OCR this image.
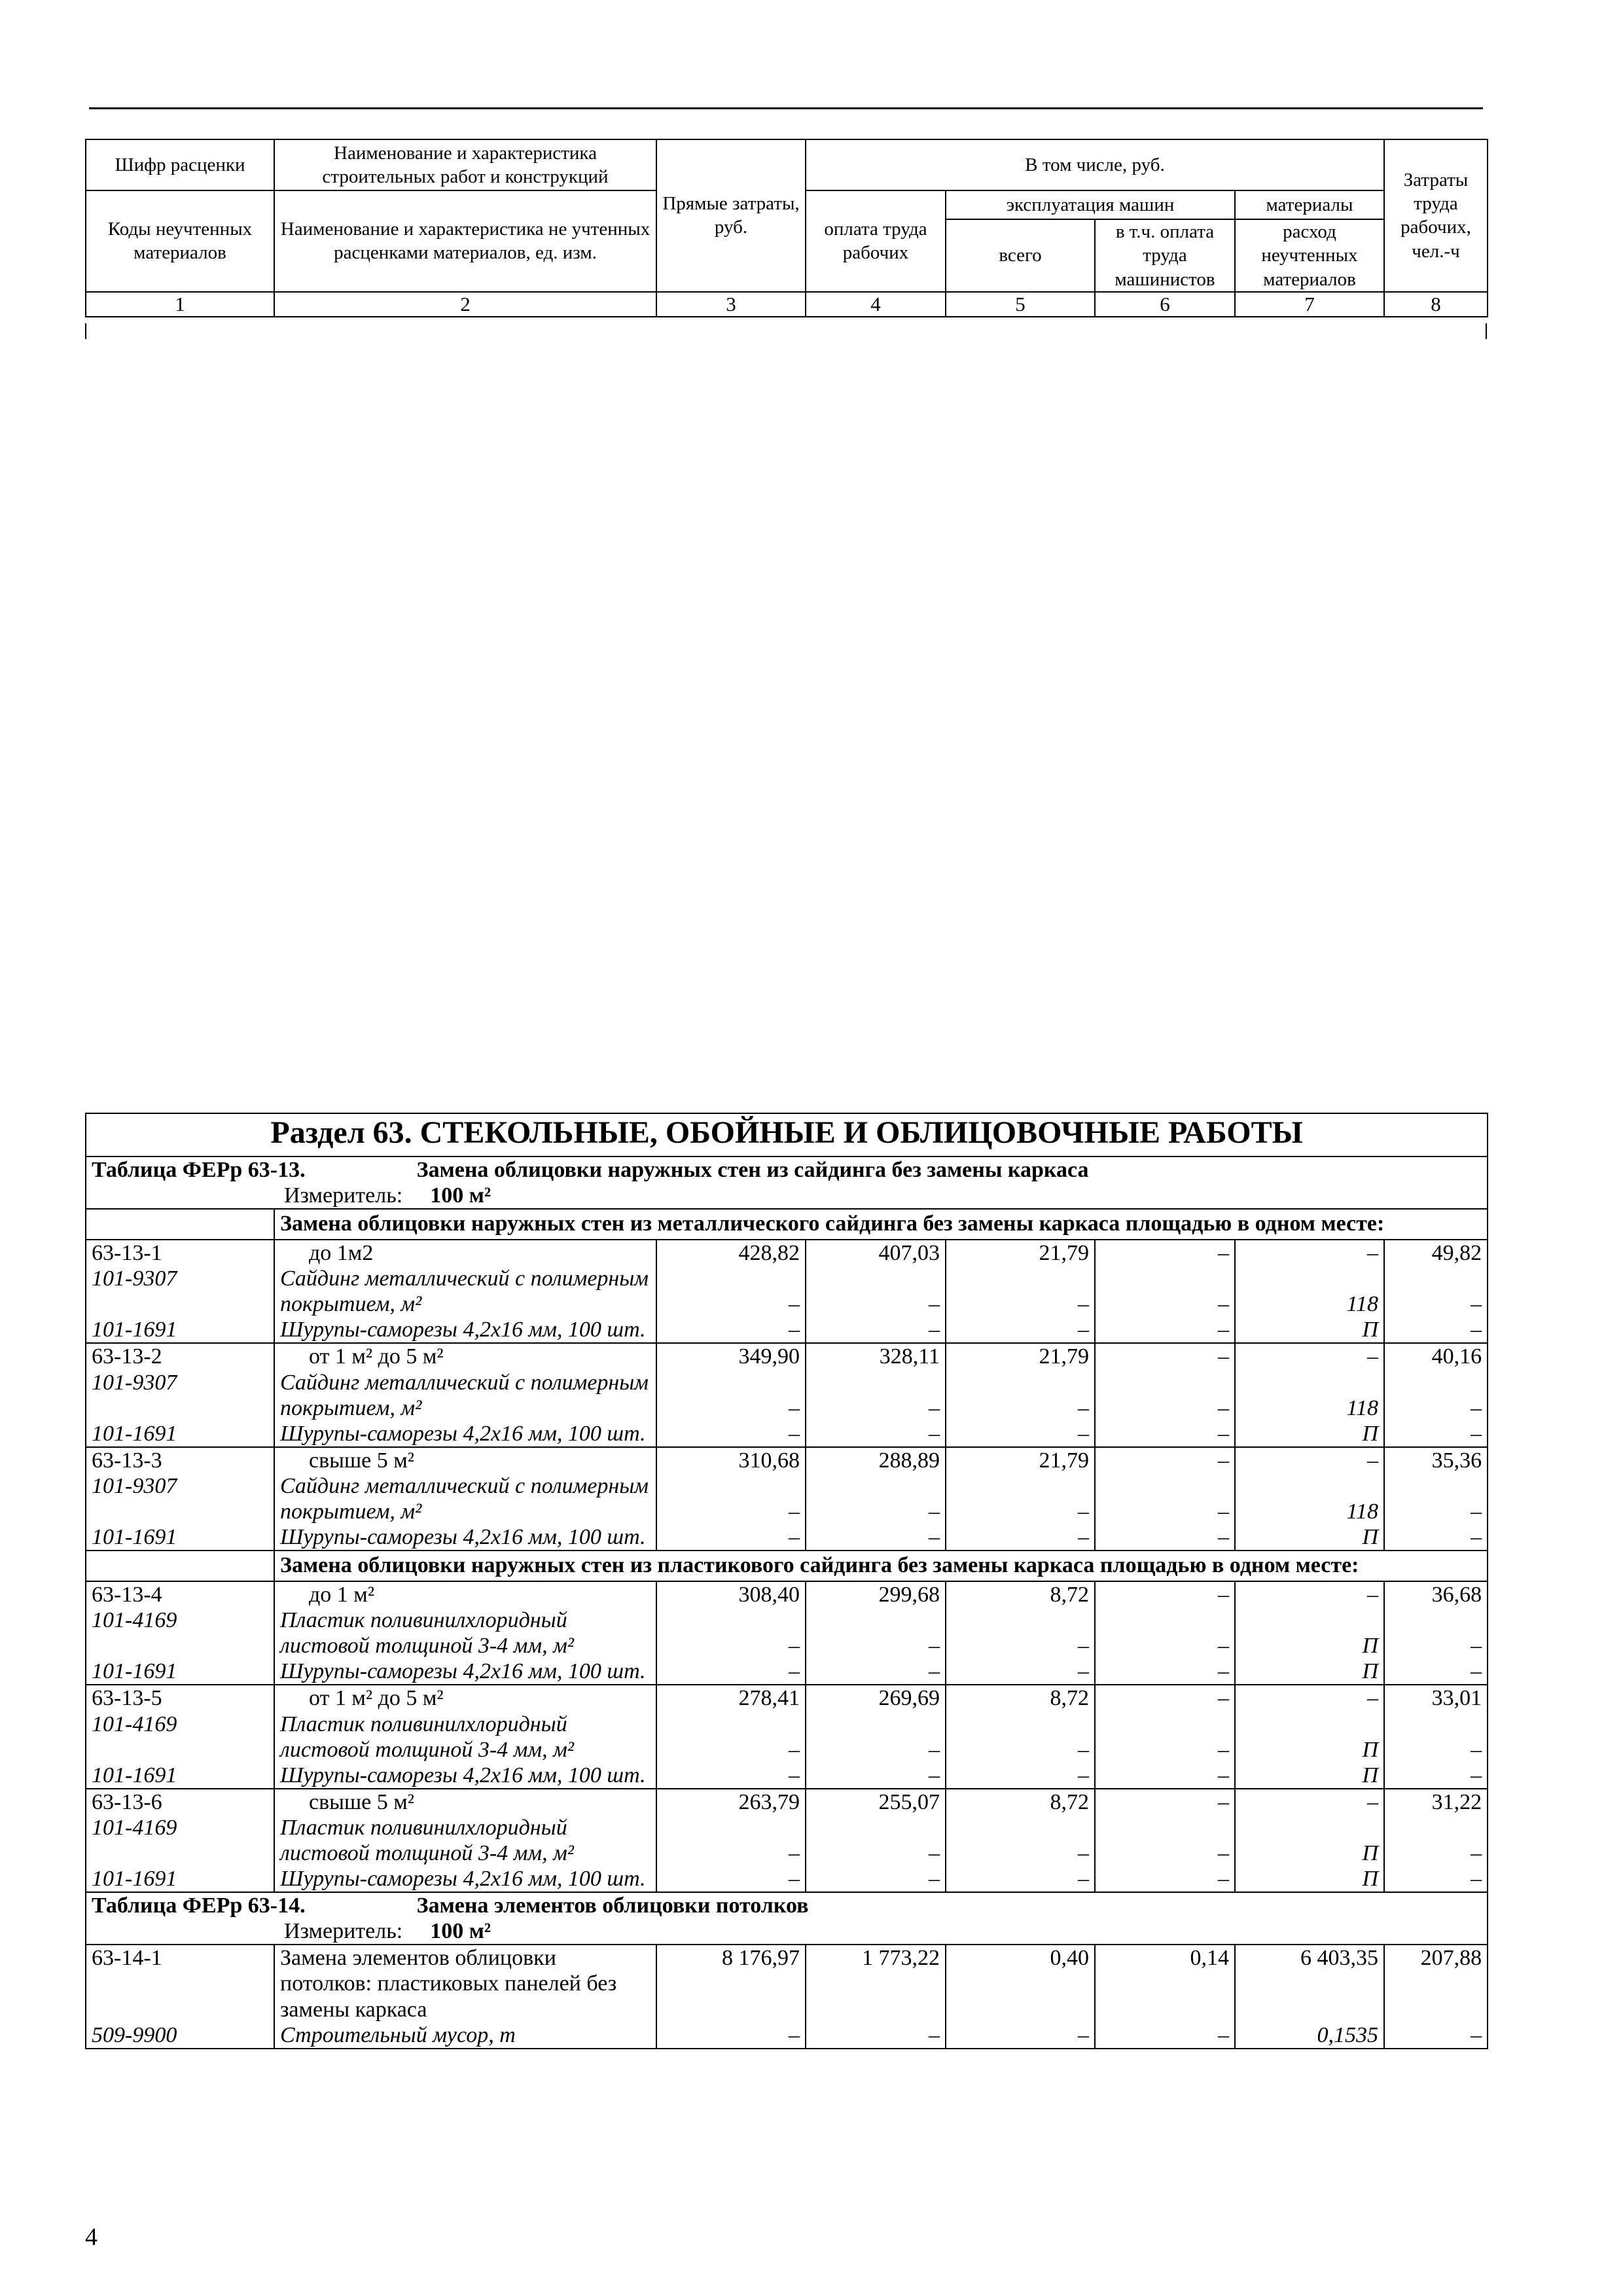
Шифр расценки	Наименование и характеристика строительных работ и конструкций	Прямые затраты, руб.	В том числе, руб.				Затраты труда рабочих, чел.-ч
Коды неучтенных материалов	Наименование и характеристика не учтенных расценками материалов, ед. изм.		оплата труда рабочих	эксплуатация машин		материалы	
				всего	в т.ч. оплата труда машинистов	расход неучтенных материалов	

1	2	3	4	5	6	7	8
Раздел 63. СТЕКОЛЬНЫЕ, ОБОЙНЫЕ И ОБЛИЦОВОЧНЫЕ РАБОТЫ							
Таблица ФЕРр 63-13. Замена облицовки наружных стен из сайдинга без замены каркаса							
Измеритель: 100 м²							
	Замена облицовки наружных стен из металлического сайдинга без замены каркаса площадью в одном месте:						
63-13-1	до 1м2	428,82	407,03	21,79	–	–	49,82
101-9307	Сайдинг металлический с полимерным покрытием, м²	–	–	–	–	118	–
101-1691	Шурупы-саморезы 4,2х16 мм, 100 шт.	–	–	–	–	П	–
63-13-2	от 1 м² до 5 м²	349,90	328,11	21,79	–	–	40,16
101-9307	Сайдинг металлический с полимерным покрытием, м²	–	–	–	–	118	–
101-1691	Шурупы-саморезы 4,2х16 мм, 100 шт.	–	–	–	–	П	–
63-13-3	свыше 5 м²	310,68	288,89	21,79	–	–	35,36
101-9307	Сайдинг металлический с полимерным покрытием, м²	–	–	–	–	118	–
101-1691	Шурупы-саморезы 4,2х16 мм, 100 шт.	–	–	–	–	П	–
	Замена облицовки наружных стен из пластикового сайдинга без замены каркаса площадью в одном месте:						
63-13-4	до 1 м²	308,40	299,68	8,72	–	–	36,68
101-4169	Пластик поливинилхлоридный листовой толщиной 3-4 мм, м²	–	–	–	–	П	–
101-1691	Шурупы-саморезы 4,2х16 мм, 100 шт.	–	–	–	–	П	–
63-13-5	от 1 м² до 5 м²	278,41	269,69	8,72	–	–	33,01
101-4169	Пластик поливинилхлоридный листовой толщиной 3-4 мм, м²	–	–	–	–	П	–
101-1691	Шурупы-саморезы 4,2х16 мм, 100 шт.	–	–	–	–	П	–
63-13-6	свыше 5 м²	263,79	255,07	8,72	–	–	31,22
101-4169	Пластик поливинилхлоридный листовой толщиной 3-4 мм, м²	–	–	–	–	П	–
101-1691	Шурупы-саморезы 4,2х16 мм, 100 шт.	–	–	–	–	П	–
Таблица ФЕРр 63-14. Замена элементов облицовки потолков							
Измеритель: 100 м²							
63-14-1	Замена элементов облицовки потолков: пластиковых панелей без замены каркаса	8 176,97	1 773,22	0,40	0,14	6 403,35	207,88
509-9900	Строительный мусор, т	–	–	–	–	0,1535	–
4
